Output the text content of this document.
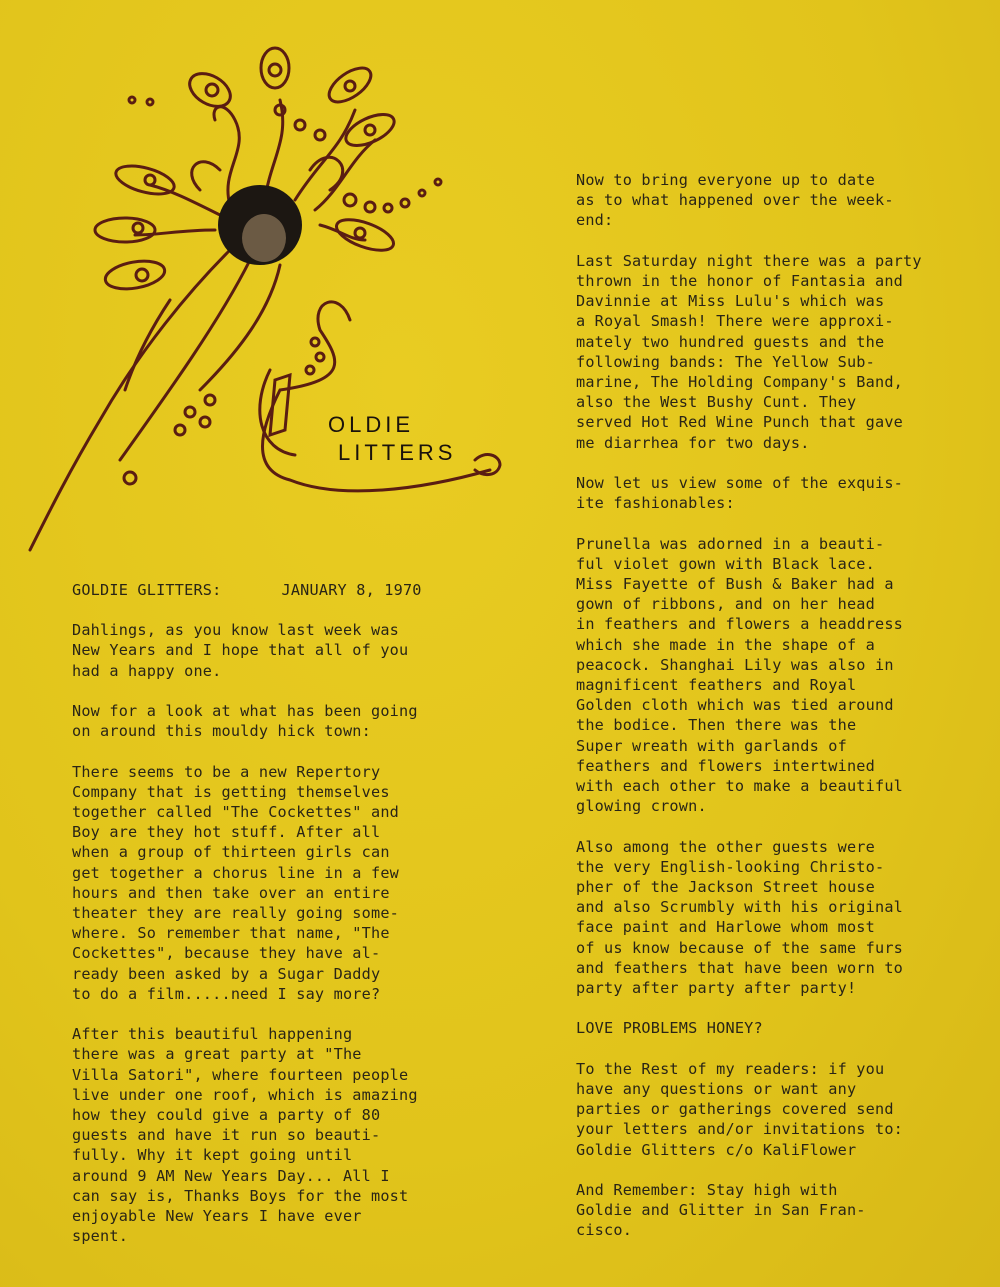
OLDIE
LITTERS
GOLDIE GLITTERS:	JANUARY 8, 1970

Dahlings, as you know last week was
New Years and I hope that all of you
had a happy one.

Now for a look at what has been going
on around this mouldy hick town:

There seems to be a new Repertory
Company that is getting themselves
together called "The Cockettes" and
Boy are they hot stuff. After all
when a group of thirteen girls can
get together a chorus line in a few
hours and then take over an entire
theater they are really going some-
where. So remember that name, "The
Cockettes", because they have al-
ready been asked by a Sugar Daddy
to do a film.....need I say more?

After this beautiful happening
there was a great party at "The
Villa Satori", where fourteen people
live under one roof, which is amazing
how they could give a party of 80
guests and have it run so beauti-
fully. Why it kept going until
around 9 AM New Years Day... All I
can say is, Thanks Boys for the most
enjoyable New Years I have ever
spent.

Now to bring everyone up to date
as to what happened over the week-
end:

Last Saturday night there was a party
thrown in the honor of Fantasia and
Davinnie at Miss Lulu's which was
a Royal Smash! There were approxi-
mately two hundred guests and the
following bands: The Yellow Sub-
marine, The Holding Company's Band,
also the West Bushy Cunt. They
served Hot Red Wine Punch that gave
me diarrhea for two days.

Now let us view some of the exquis-
ite fashionables:

Prunella was adorned in a beauti-
ful violet gown with Black lace.
Miss Fayette of Bush & Baker had a
gown of ribbons, and on her head
in feathers and flowers a headdress
which she made in the shape of a
peacock. Shanghai Lily was also in
magnificent feathers and Royal
Golden cloth which was tied around
the bodice. Then there was the
Super wreath with garlands of
feathers and flowers intertwined
with each other to make a beautiful
glowing crown.

Also among the other guests were
the very English-looking Christo-
pher of the Jackson Street house
and also Scrumbly with his original
face paint and Harlowe whom most
of us know because of the same furs
and feathers that have been worn to
party after party after party!

LOVE PROBLEMS HONEY?

To the Rest of my readers: if you
have any questions or want any
parties or gatherings covered send
your letters and/or invitations to:
Goldie Glitters c/o KaliFlower

And Remember: Stay high with
Goldie and Glitter in San Fran-
cisco.
